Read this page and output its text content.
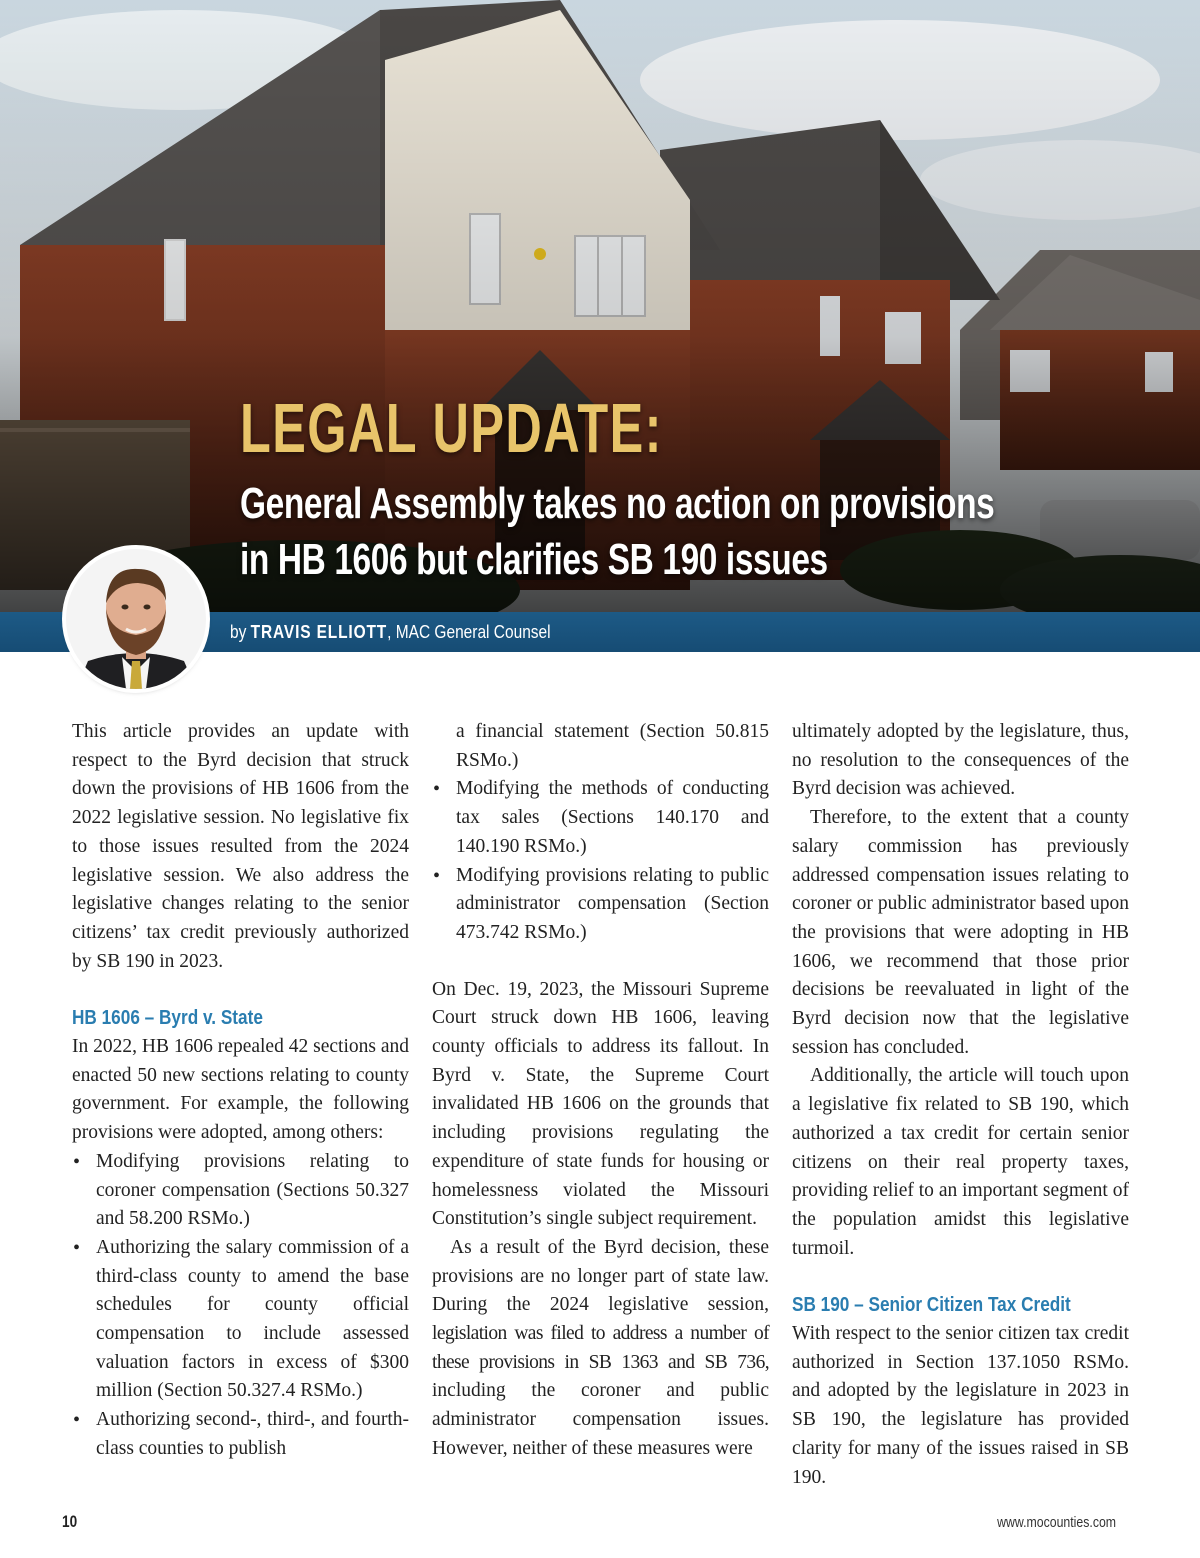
LEGAL UPDATE:
General Assembly takes no action on provisions
in HB 1606 but clarifies SB 190 issues

by TRAVIS ELLIOTT, MAC General Counsel

This article provides an update with respect to the Byrd decision that struck down the provisions of HB 1606 from the 2022 legislative session. No legislative fix to those issues resulted from the 2024 legislative session. We also address the legislative changes relating to the senior citizens’ tax credit previously authorized by SB 190 in 2023.

HB 1606 – Byrd v. State

In 2022, HB 1606 repealed 42 sections and enacted 50 new sections relating to county government. For example, the following provisions were adopted, among others:

• Modifying provisions relating to coroner compensation (Sections 50.327 and 58.200 RSMo.)
• Authorizing the salary commission of a third-class county to amend the base schedules for county official compensation to include assessed valuation factors in excess of $300 million (Section 50.327.4 RSMo.)
• Authorizing second-, third-, and fourth-class counties to publish
a financial statement (Section 50.815 RSMo.)
• Modifying the methods of conducting tax sales (Sections 140.170 and 140.190 RSMo.)
• Modifying provisions relating to public administrator compensation (Section 473.742 RSMo.)

On Dec. 19, 2023, the Missouri Supreme Court struck down HB 1606, leaving county officials to address its fallout. In Byrd v. State, the Supreme Court invalidated HB 1606 on the grounds that including provisions regulating the expenditure of state funds for housing or homelessness violated the Missouri Constitution’s single subject requirement.

As a result of the Byrd decision, these provisions are no longer part of state law. During the 2024 legislative session, legislation was filed to address a number of these provisions in SB 1363 and SB 736, including the coroner and public administrator compensation issues. However, neither of these measures were

ultimately adopted by the legislature, thus, no resolution to the consequences of the Byrd decision was achieved.

Therefore, to the extent that a county salary commission has previously addressed compensation issues relating to coroner or public administrator based upon the provisions that were adopting in HB 1606, we recommend that those prior decisions be reevaluated in light of the Byrd decision now that the legislative session has concluded.

Additionally, the article will touch upon a legislative fix related to SB 190, which authorized a tax credit for certain senior citizens on their real property taxes, providing relief to an important segment of the population amidst this legislative turmoil.

SB 190 – Senior Citizen Tax Credit

With respect to the senior citizen tax credit authorized in Section 137.1050 RSMo. and adopted by the legislature in 2023 in SB 190, the legislature has provided clarity for many of the issues raised in SB 190.

10	www.mocounties.com
